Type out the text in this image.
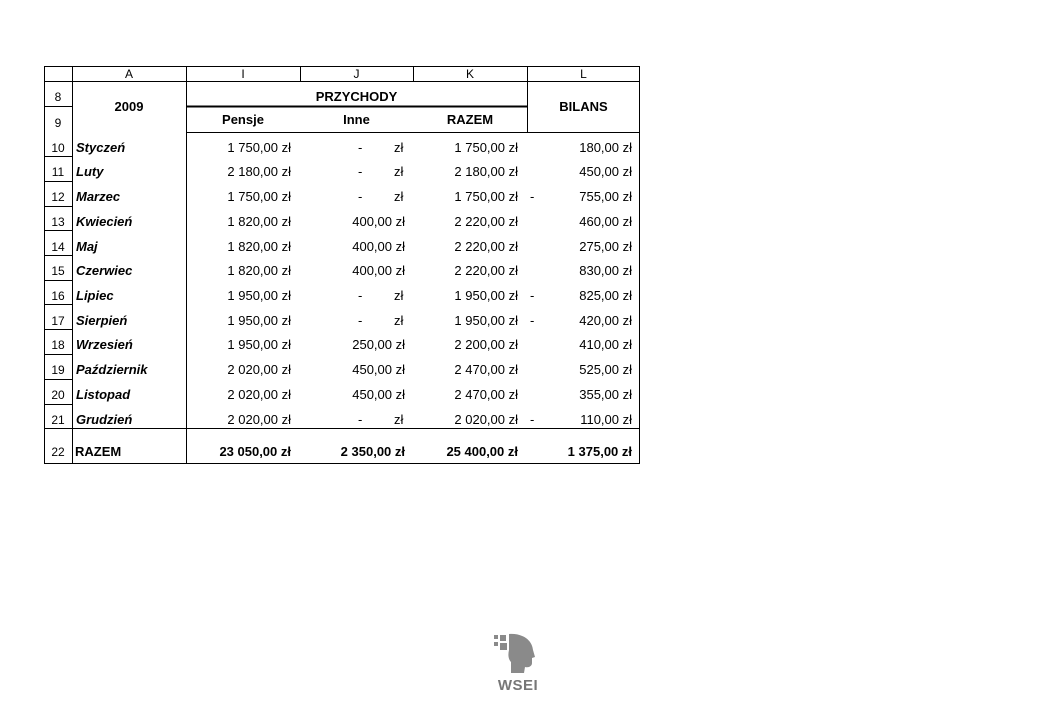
A	I	J	K	L
8
9
2009
PRZYCHODY
Pensje	Inne	RAZEM
BILANS
10 Styczeń	1 750,00 zł	- zł	1 750,00 zł	180,00 zł
11 Luty	2 180,00 zł	- zł	2 180,00 zł	450,00 zł
12 Marzec	1 750,00 zł	- zł	1 750,00 zł -	755,00 zł
13 Kwiecień	1 820,00 zł	400,00 zł	2 220,00 zł	460,00 zł
14 Maj	1 820,00 zł	400,00 zł	2 220,00 zł	275,00 zł
15 Czerwiec	1 820,00 zł	400,00 zł	2 220,00 zł	830,00 zł
16 Lipiec	1 950,00 zł	- zł	1 950,00 zł -	825,00 zł
17 Sierpień	1 950,00 zł	- zł	1 950,00 zł -	420,00 zł
18 Wrzesień	1 950,00 zł	250,00 zł	2 200,00 zł	410,00 zł
19 Październik	2 020,00 zł	450,00 zł	2 470,00 zł	525,00 zł
20 Listopad	2 020,00 zł	450,00 zł	2 470,00 zł	355,00 zł
21 Grudzień	2 020,00 zł	- zł	2 020,00 zł -	110,00 zł
22 RAZEM	23 050,00 zł	2 350,00 zł	25 400,00 zł	1 375,00 zł
WSEI
